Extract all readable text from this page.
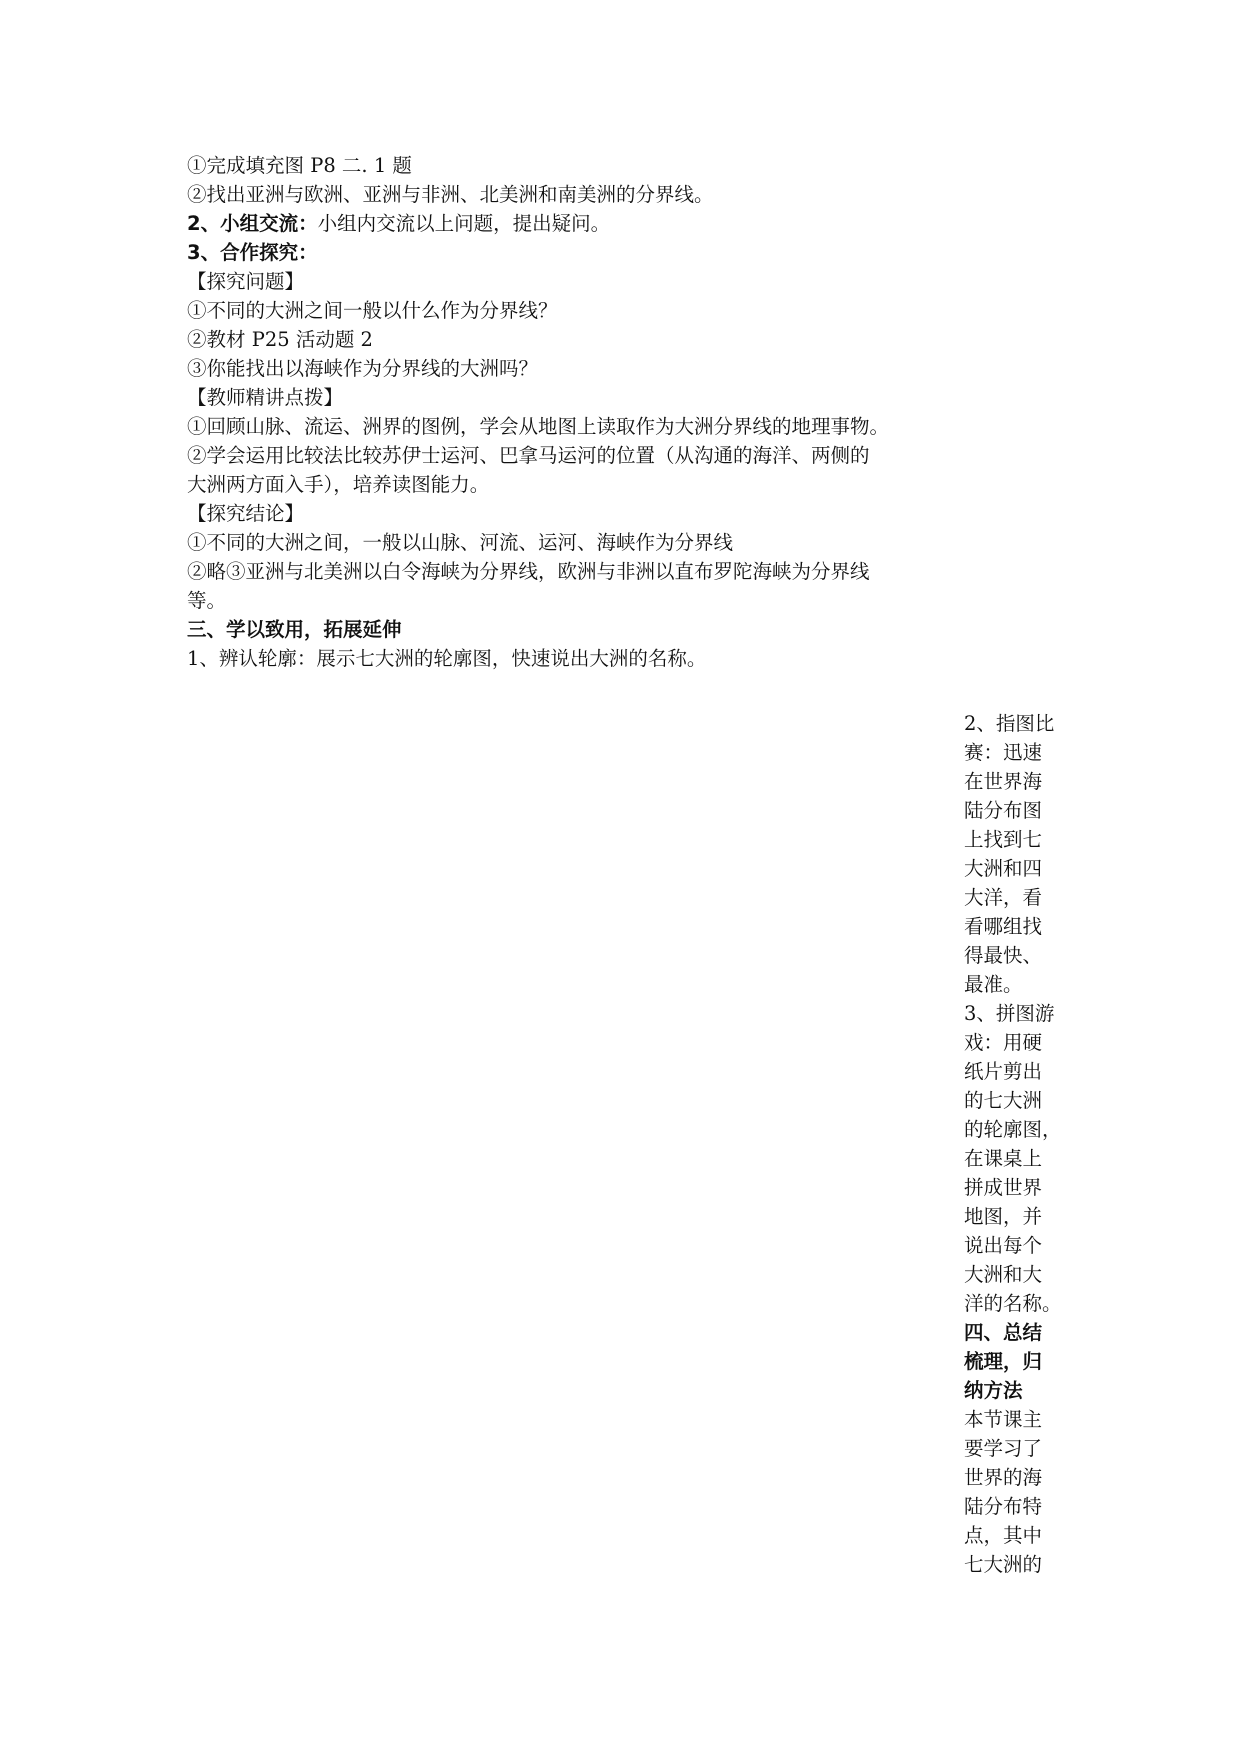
①完成填充图 P8 二. 1 题
②找出亚洲与欧洲、亚洲与非洲、北美洲和南美洲的分界线。
2、小组交流：小组内交流以上问题，提出疑问。
3、合作探究：
【探究问题】
①不同的大洲之间一般以什么作为分界线？
②教材 P25 活动题 2
③你能找出以海峡作为分界线的大洲吗？
【教师精讲点拨】
①回顾山脉、流运、洲界的图例，学会从地图上读取作为大洲分界线的地理事物。
②学会运用比较法比较苏伊士运河、巴拿马运河的位置（从沟通的海洋、两侧的
大洲两方面入手），培养读图能力。
【探究结论】
①不同的大洲之间，一般以山脉、河流、运河、海峡作为分界线
②略③亚洲与北美洲以白令海峡为分界线，欧洲与非洲以直布罗陀海峡为分界线
等。
三、学以致用，拓展延伸
1、辨认轮廓：展示七大洲的轮廓图，快速说出大洲的名称。
2、指图比
赛：迅速
在世界海
陆分布图
上找到七
大洲和四
大洋，看
看哪组找
得最快、
最准。
3、拼图游
戏：用硬
纸片剪出
的七大洲
的轮廓图，
在课桌上
拼成世界
地图，并
说出每个
大洲和大
洋的名称。
四、总结
梳理，归
纳方法
本节课主
要学习了
世界的海
陆分布特
点，其中
七大洲的
